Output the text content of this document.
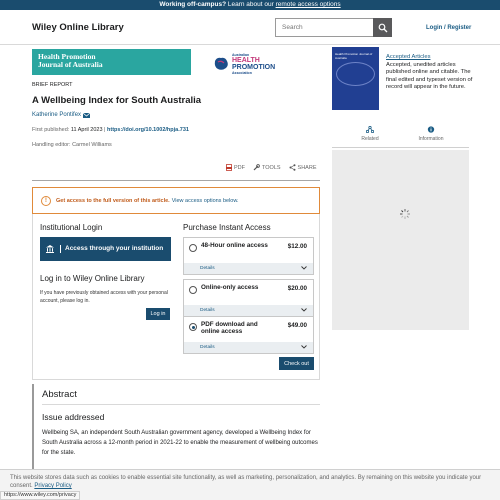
Working off-campus? Learn about our remote access options
Wiley Online Library
Search	Login / Register
Health Promotion
Journal of Australia
Australian
HEALTH
PROMOTION
Association
BRIEF REPORT
A Wellbeing Index for South Australia
Katherine Pontifex
First published: 11 April 2023 | https://doi.org/10.1002/hpja.731
Handling editor: Carmel Williams
PDF	TOOLS	SHARE
!	Get access to the full version of this article. View access options below.
Institutional Login
Access through your institution
Log in to Wiley Online Library
If you have previously obtained access with your personal account, please log in.
Log in
Purchase Instant Access
48-Hour online access	$12.00
Details
Online-only access	$20.00
Details
PDF download and online access
$49.00
Details
Check out
Abstract
Issue addressed
Wellbeing SA, an independent South Australian government agency, developed a Wellbeing Index for South Australia across a 12-month period in 2021-22 to enable the measurement of wellbeing outcomes for the state.
Health Promotion Journal of Australia	Accepted Articles
Accepted, unedited articles published online and citable. The final edited and typeset version of record will appear in the future.
Related	Information
This website stores data such as cookies to enable essential site functionality, as well as marketing, personalization, and analytics. By remaining on this website you indicate your consent. Privacy Policy
https://www.wiley.com/privacy
